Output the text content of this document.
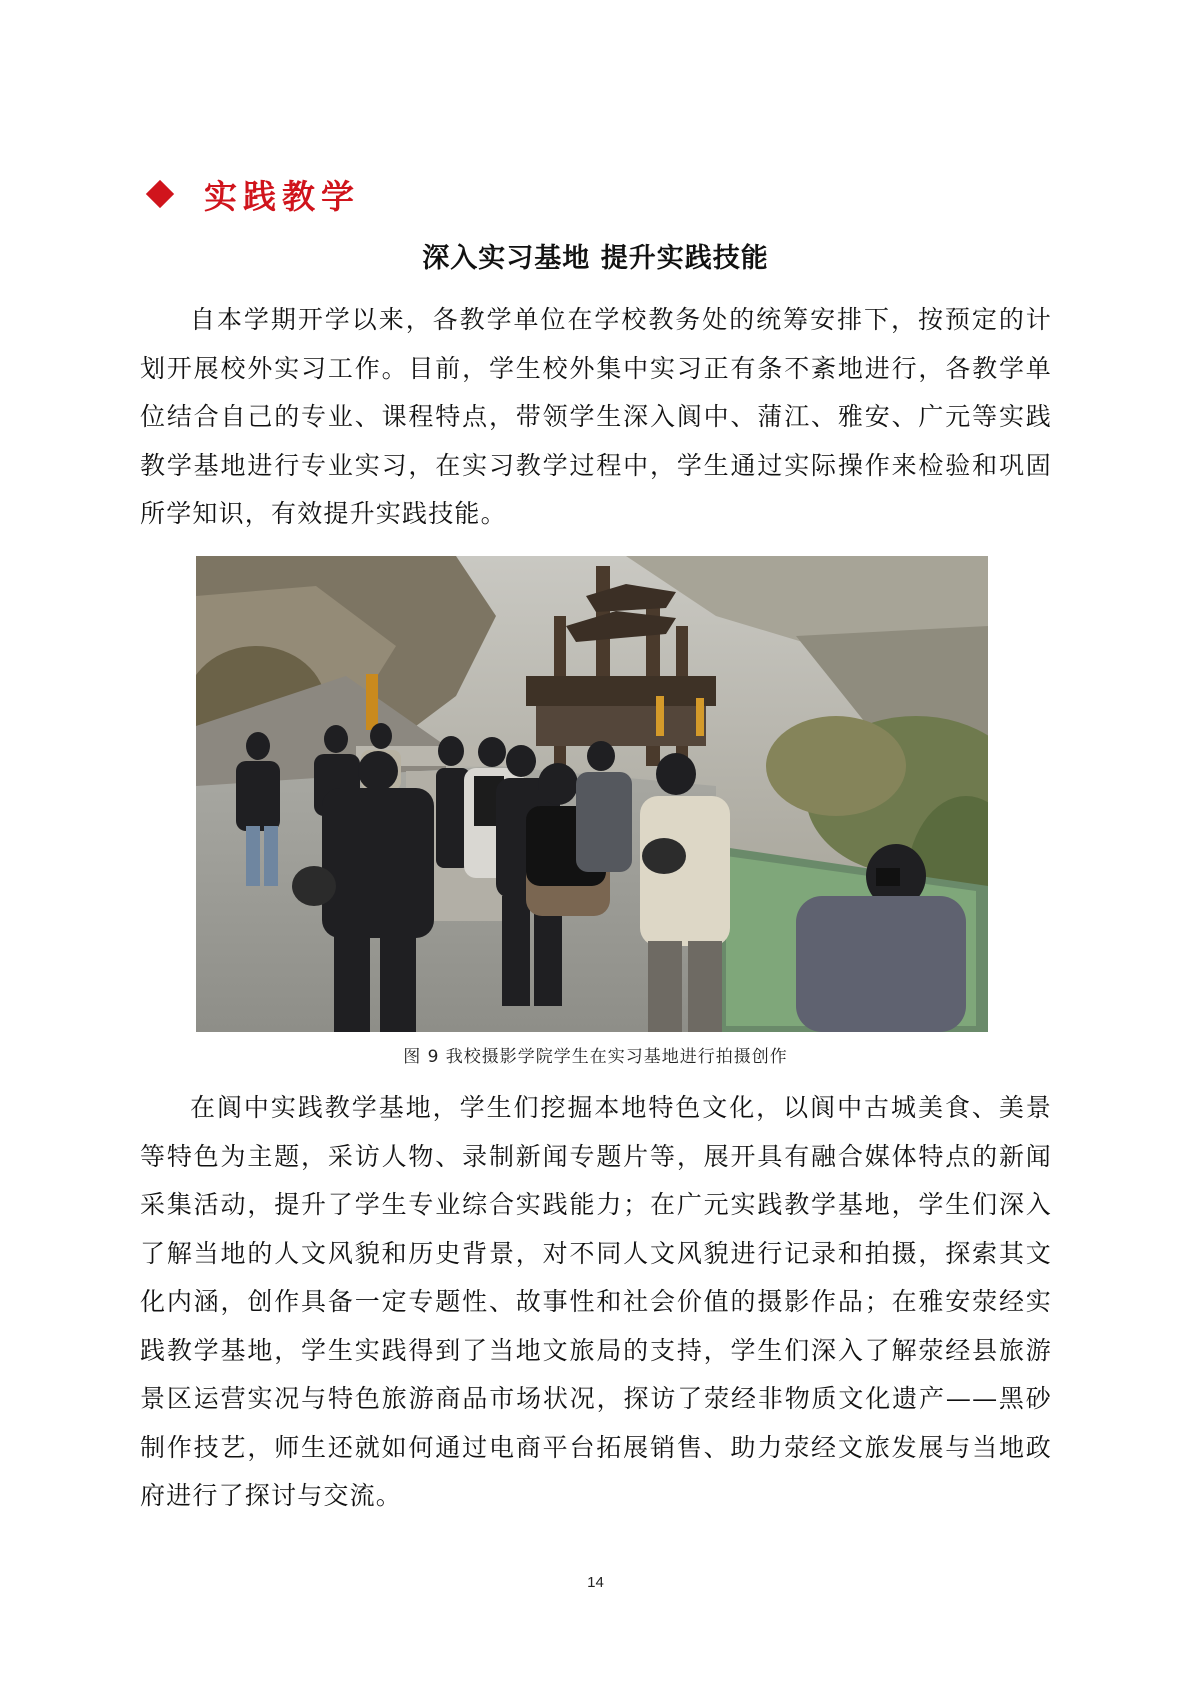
实践教学
深入实习基地 提升实践技能

自本学期开学以来，各教学单位在学校教务处的统筹安排下，按预定的计划开展校外实习工作。目前，学生校外集中实习正有条不紊地进行，各教学单位结合自己的专业、课程特点，带领学生深入阆中、蒲江、雅安、广元等实践教学基地进行专业实习，在实习教学过程中，学生通过实际操作来检验和巩固所学知识，有效提升实践技能。

图 9 我校摄影学院学生在实习基地进行拍摄创作

在阆中实践教学基地，学生们挖掘本地特色文化，以阆中古城美食、美景等特色为主题，采访人物、录制新闻专题片等，展开具有融合媒体特点的新闻采集活动，提升了学生专业综合实践能力；在广元实践教学基地，学生们深入了解当地的人文风貌和历史背景，对不同人文风貌进行记录和拍摄，探索其文化内涵，创作具备一定专题性、故事性和社会价值的摄影作品；在雅安荥经实践教学基地，学生实践得到了当地文旅局的支持，学生们深入了解荥经县旅游景区运营实况与特色旅游商品市场状况，探访了荥经非物质文化遗产——黑砂制作技艺，师生还就如何通过电商平台拓展销售、助力荥经文旅发展与当地政府进行了探讨与交流。

14
